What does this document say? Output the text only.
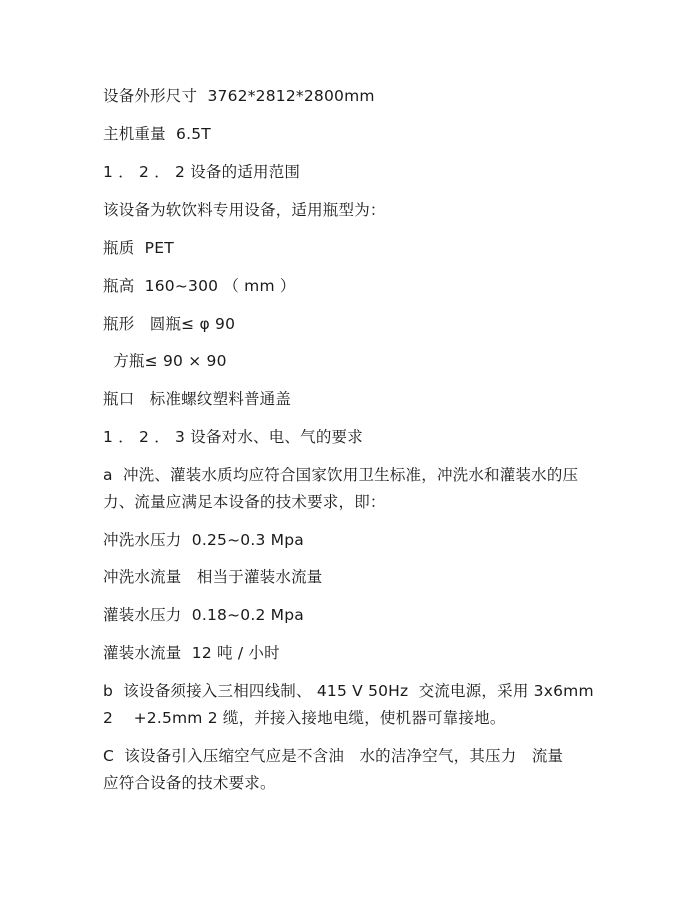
设备外形尺寸  3762*2812*2800mm
主机重量  6.5T
1 ． 2 ． 2 设备的适用范围
该设备为软饮料专用设备，适用瓶型为：
瓶质  PET
瓶高  160~300 （ mm ）
瓶形   圆瓶≤ φ 90
方瓶≤ 90 × 90
瓶口   标准螺纹塑料普通盖
1 ． 2 ． 3 设备对水、电、气的要求
a  冲洗、灌装水质均应符合国家饮用卫生标准，冲洗水和灌装水的压
力、流量应满足本设备的技术要求，即：
冲洗水压力  0.25~0.3 Mpa
冲洗水流量   相当于灌装水流量
灌装水压力  0.18~0.2 Mpa
灌装水流量  12 吨 / 小时
b  该设备须接入三相四线制、 415 V 50Hz  交流电源，采用 3x6mm
2    +2.5mm 2 缆，并接入接地电缆，使机器可靠接地。
C  该设备引入压缩空气应是不含油   水的洁净空气，其压力   流量
应符合设备的技术要求。
